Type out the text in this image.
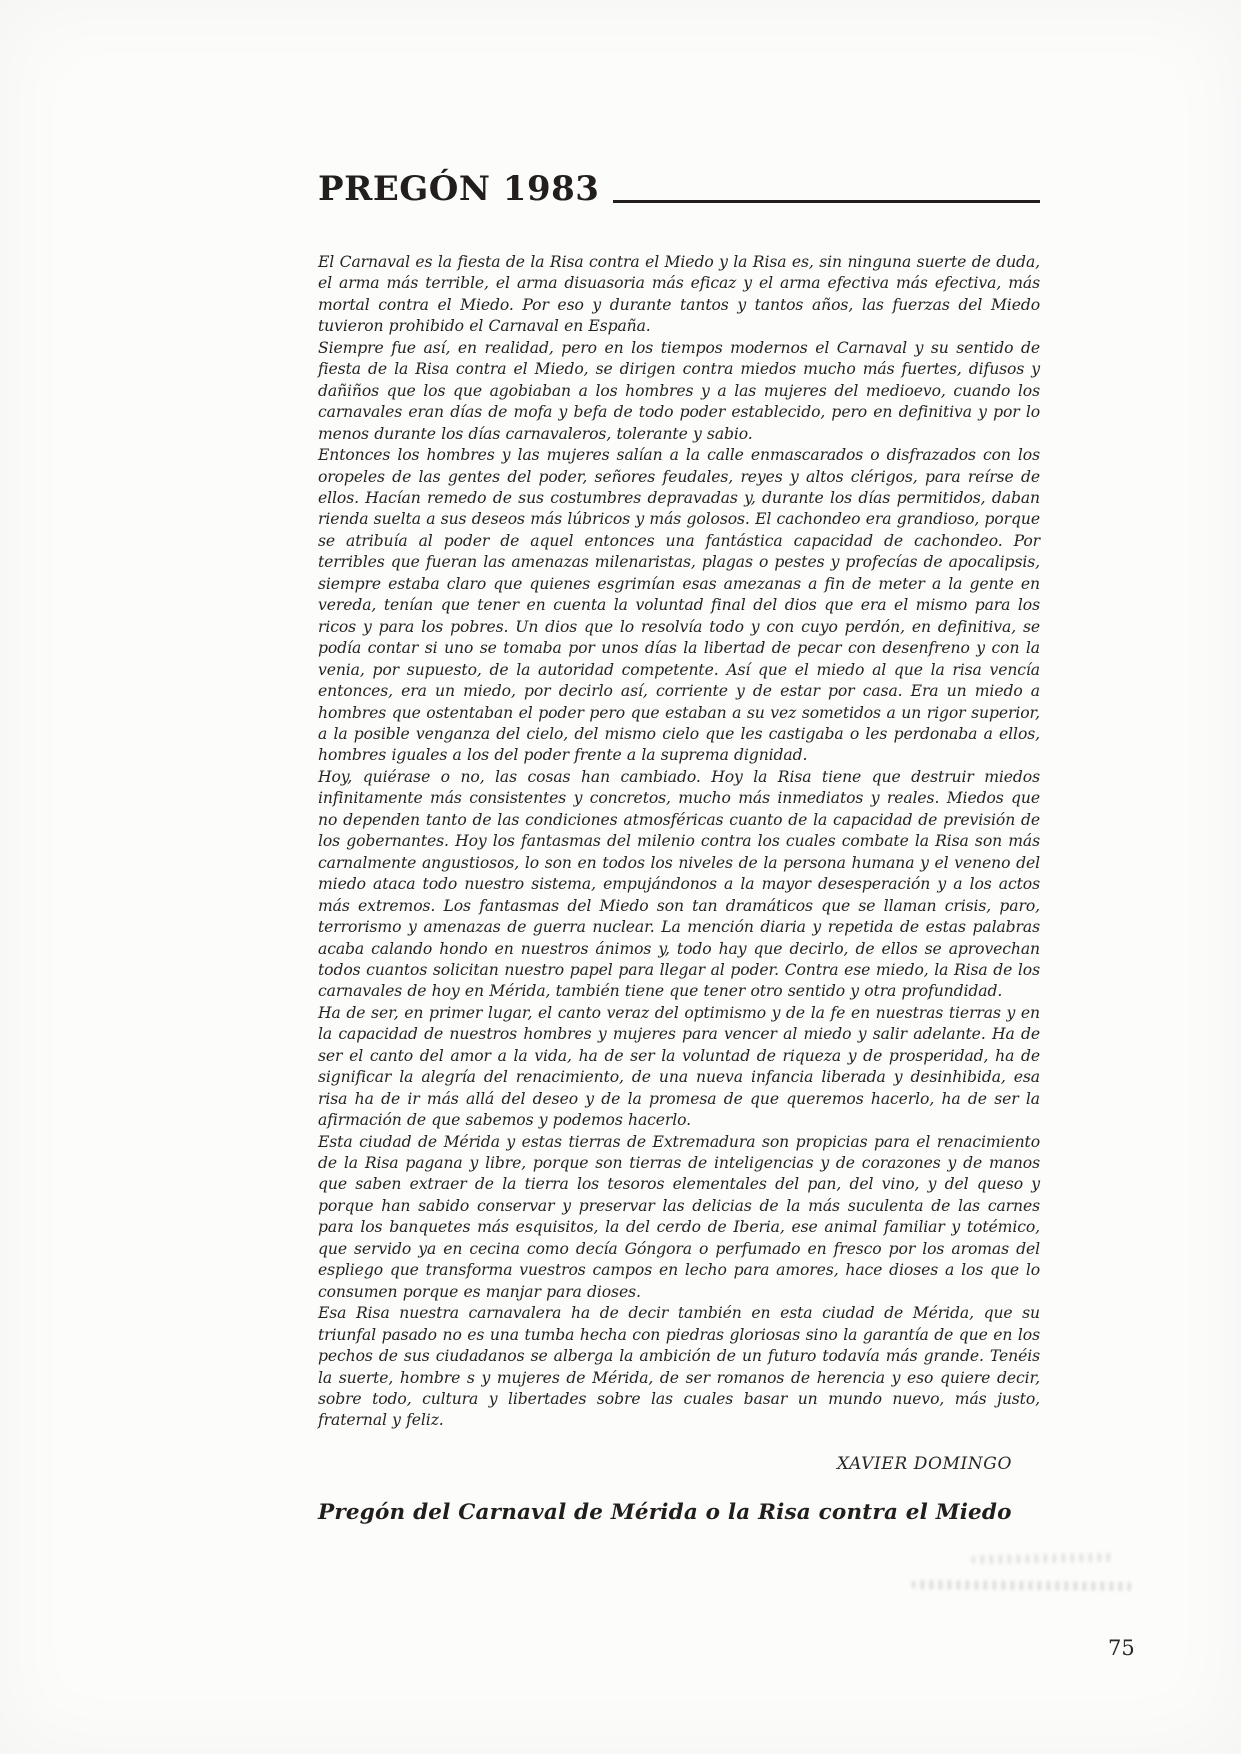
PREGÓN 1983

El Carnaval es la fiesta de la Risa contra el Miedo y la Risa es, sin ninguna suerte de duda, el arma más terrible, el arma disuasoria más eficaz y el arma efectiva más efectiva, más mortal contra el Miedo. Por eso y durante tantos y tantos años, las fuerzas del Miedo tuvieron prohibido el Carnaval en España.

Siempre fue así, en realidad, pero en los tiempos modernos el Carnaval y su sentido de fiesta de la Risa contra el Miedo, se dirigen contra miedos mucho más fuertes, difusos y dañiños que los que agobiaban a los hombres y a las mujeres del medioevo, cuando los carnavales eran días de mofa y befa de todo poder establecido, pero en definitiva y por lo menos durante los días carnavaleros, tolerante y sabio.

Entonces los hombres y las mujeres salían a la calle enmascarados o disfrazados con los oropeles de las gentes del poder, señores feudales, reyes y altos clérigos, para reírse de ellos. Hacían remedo de sus costumbres depravadas y, durante los días permitidos, daban rienda suelta a sus deseos más lúbricos y más golosos. El cachondeo era grandioso, porque se atribuía al poder de aquel entonces una fantástica capacidad de cachondeo. Por terribles que fueran las amenazas milenaristas, plagas o pestes y profecías de apocalipsis, siempre estaba claro que quienes esgrimían esas amezanas a fin de meter a la gente en vereda, tenían que tener en cuenta la voluntad final del dios que era el mismo para los ricos y para los pobres. Un dios que lo resolvía todo y con cuyo perdón, en definitiva, se podía contar si uno se tomaba por unos días la libertad de pecar con desenfreno y con la venia, por supuesto, de la autoridad competente. Así que el miedo al que la risa vencía entonces, era un miedo, por decirlo así, corriente y de estar por casa. Era un miedo a hombres que ostentaban el poder pero que estaban a su vez sometidos a un rigor superior, a la posible venganza del cielo, del mismo cielo que les castigaba o les perdonaba a ellos, hombres iguales a los del poder frente a la suprema dignidad.

Hoy, quiérase o no, las cosas han cambiado. Hoy la Risa tiene que destruir miedos infinitamente más consistentes y concretos, mucho más inmediatos y reales. Miedos que no dependen tanto de las condiciones atmosféricas cuanto de la capacidad de previsión de los gobernantes. Hoy los fantasmas del milenio contra los cuales combate la Risa son más carnalmente angustiosos, lo son en todos los niveles de la persona humana y el veneno del miedo ataca todo nuestro sistema, empujándonos a la mayor desesperación y a los actos más extremos. Los fantasmas del Miedo son tan dramáticos que se llaman crisis, paro, terrorismo y amenazas de guerra nuclear. La mención diaria y repetida de estas palabras acaba calando hondo en nuestros ánimos y, todo hay que decirlo, de ellos se aprovechan todos cuantos solicitan nuestro papel para llegar al poder. Contra ese miedo, la Risa de los carnavales de hoy en Mérida, también tiene que tener otro sentido y otra profundidad.

Ha de ser, en primer lugar, el canto veraz del optimismo y de la fe en nuestras tierras y en la capacidad de nuestros hombres y mujeres para vencer al miedo y salir adelante. Ha de ser el canto del amor a la vida, ha de ser la voluntad de riqueza y de prosperidad, ha de significar la alegría del renacimiento, de una nueva infancia liberada y desinhibida, esa risa ha de ir más allá del deseo y de la promesa de que queremos hacerlo, ha de ser la afirmación de que sabemos y podemos hacerlo.

Esta ciudad de Mérida y estas tierras de Extremadura son propicias para el renacimiento de la Risa pagana y libre, porque son tierras de inteligencias y de corazones y de manos que saben extraer de la tierra los tesoros elementales del pan, del vino, y del queso y porque han sabido conservar y preservar las delicias de la más suculenta de las carnes para los banquetes más esquisitos, la del cerdo de Iberia, ese animal familiar y totémico, que servido ya en cecina como decía Góngora o perfumado en fresco por los aromas del espliego que transforma vuestros campos en lecho para amores, hace dioses a los que lo consumen porque es manjar para dioses.

Esa Risa nuestra carnavalera ha de decir también en esta ciudad de Mérida, que su triunfal pasado no es una tumba hecha con piedras gloriosas sino la garantía de que en los pechos de sus ciudadanos se alberga la ambición de un futuro todavía más grande. Tenéis la suerte, hombre s y mujeres de Mérida, de ser romanos de herencia y eso quiere decir, sobre todo, cultura y libertades sobre las cuales basar un mundo nuevo, más justo, fraternal y feliz.

XAVIER DOMINGO
Pregón del Carnaval de Mérida o la Risa contra el Miedo
75
